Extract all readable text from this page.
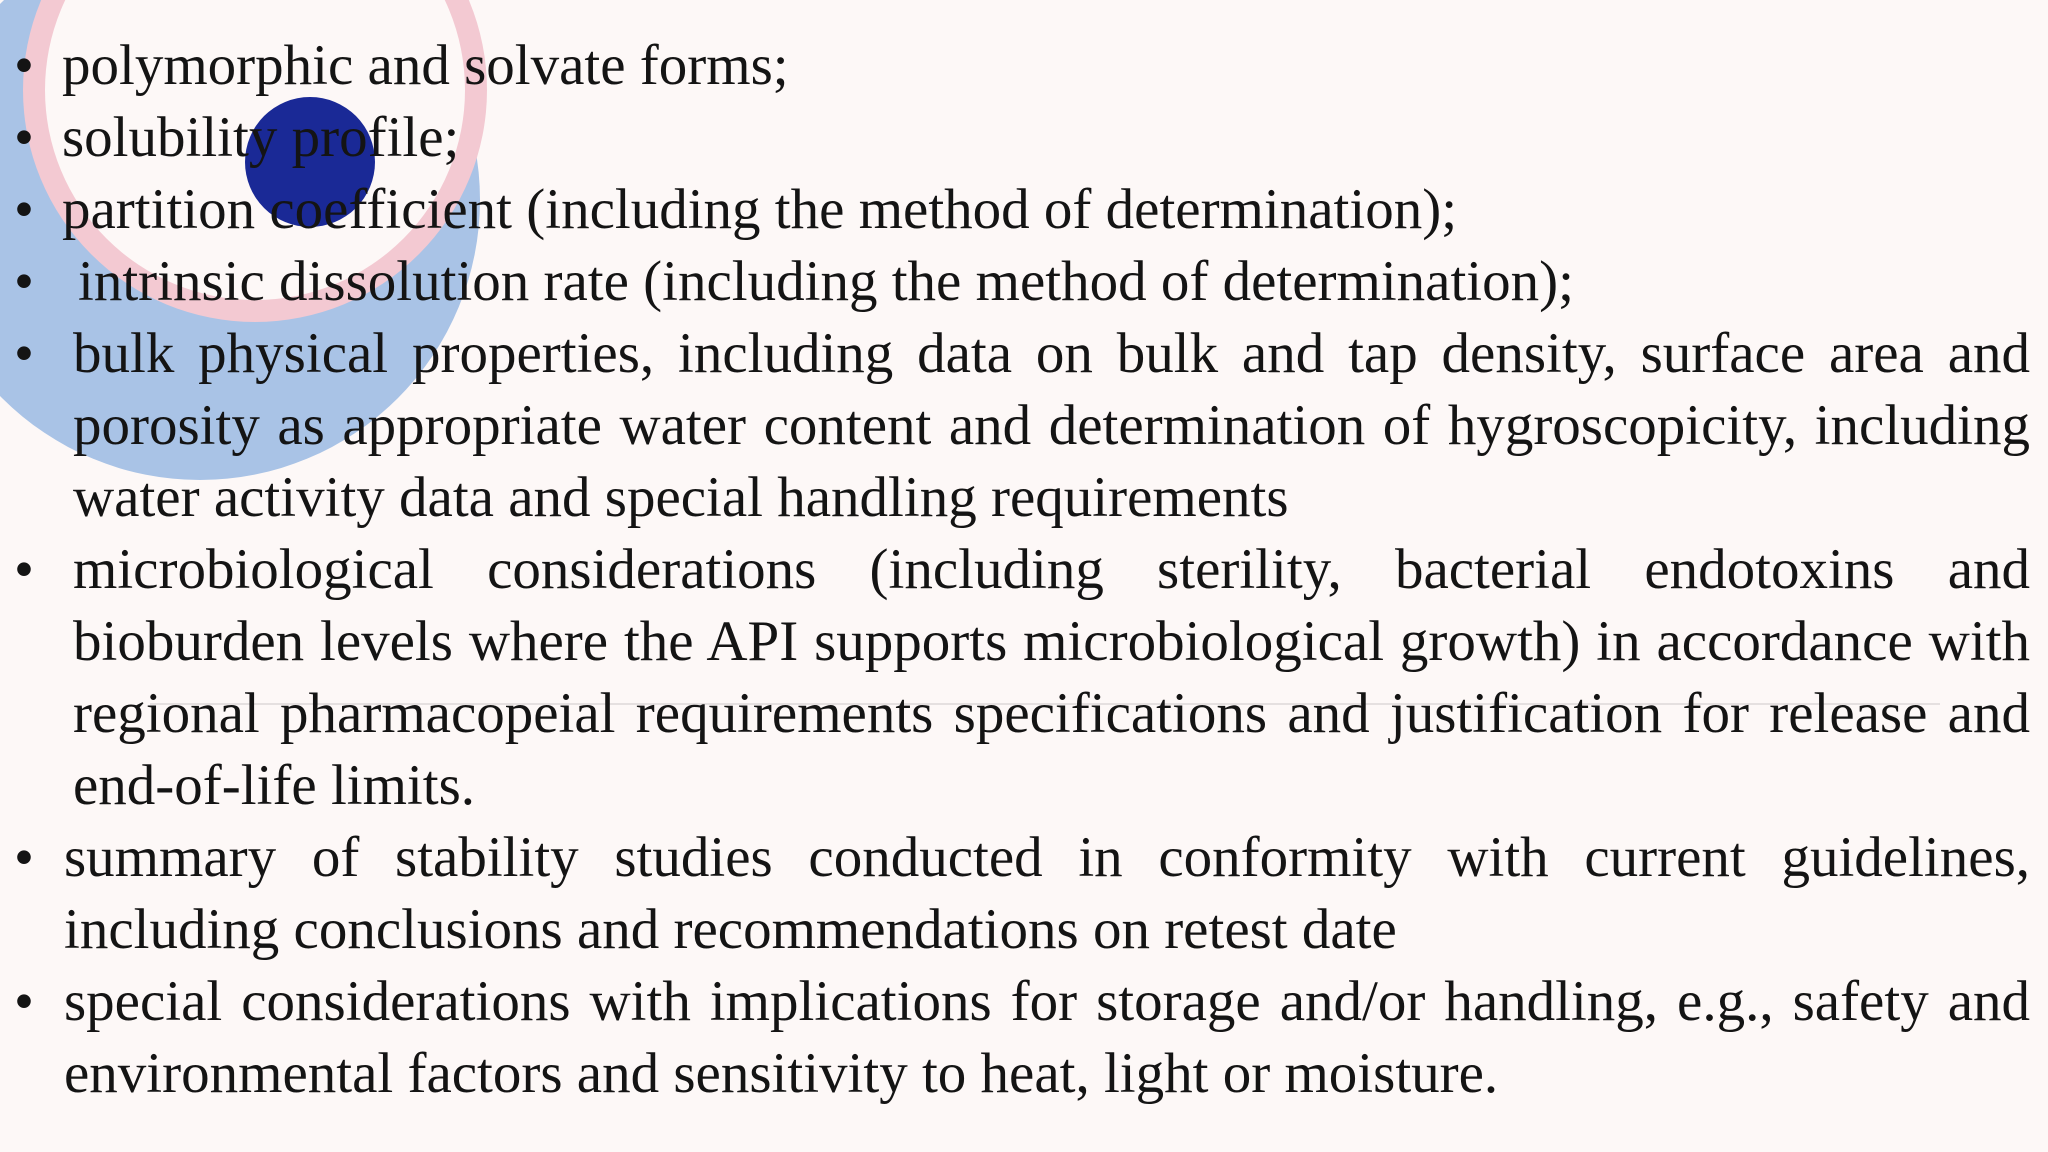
• polymorphic and solvate forms;
• solubility profile;
• partition coefficient (including the method of determination);
• intrinsic dissolution rate (including the method of determination);
• bulk physical properties, including data on bulk and tap density, surface area and porosity as appropriate water content and determination of hygroscopicity, including water activity data and special handling requirements
• microbiological considerations (including sterility, bacterial endotoxins and bioburden levels where the API supports microbiological growth) in accordance with regional pharmacopeial requirements specifications and justification for release and end-of-life limits.
• summary of stability studies conducted in conformity with current guidelines, including conclusions and recommendations on retest date
• special considerations with implications for storage and/or handling, e.g., safety and environmental factors and sensitivity to heat, light or moisture.
